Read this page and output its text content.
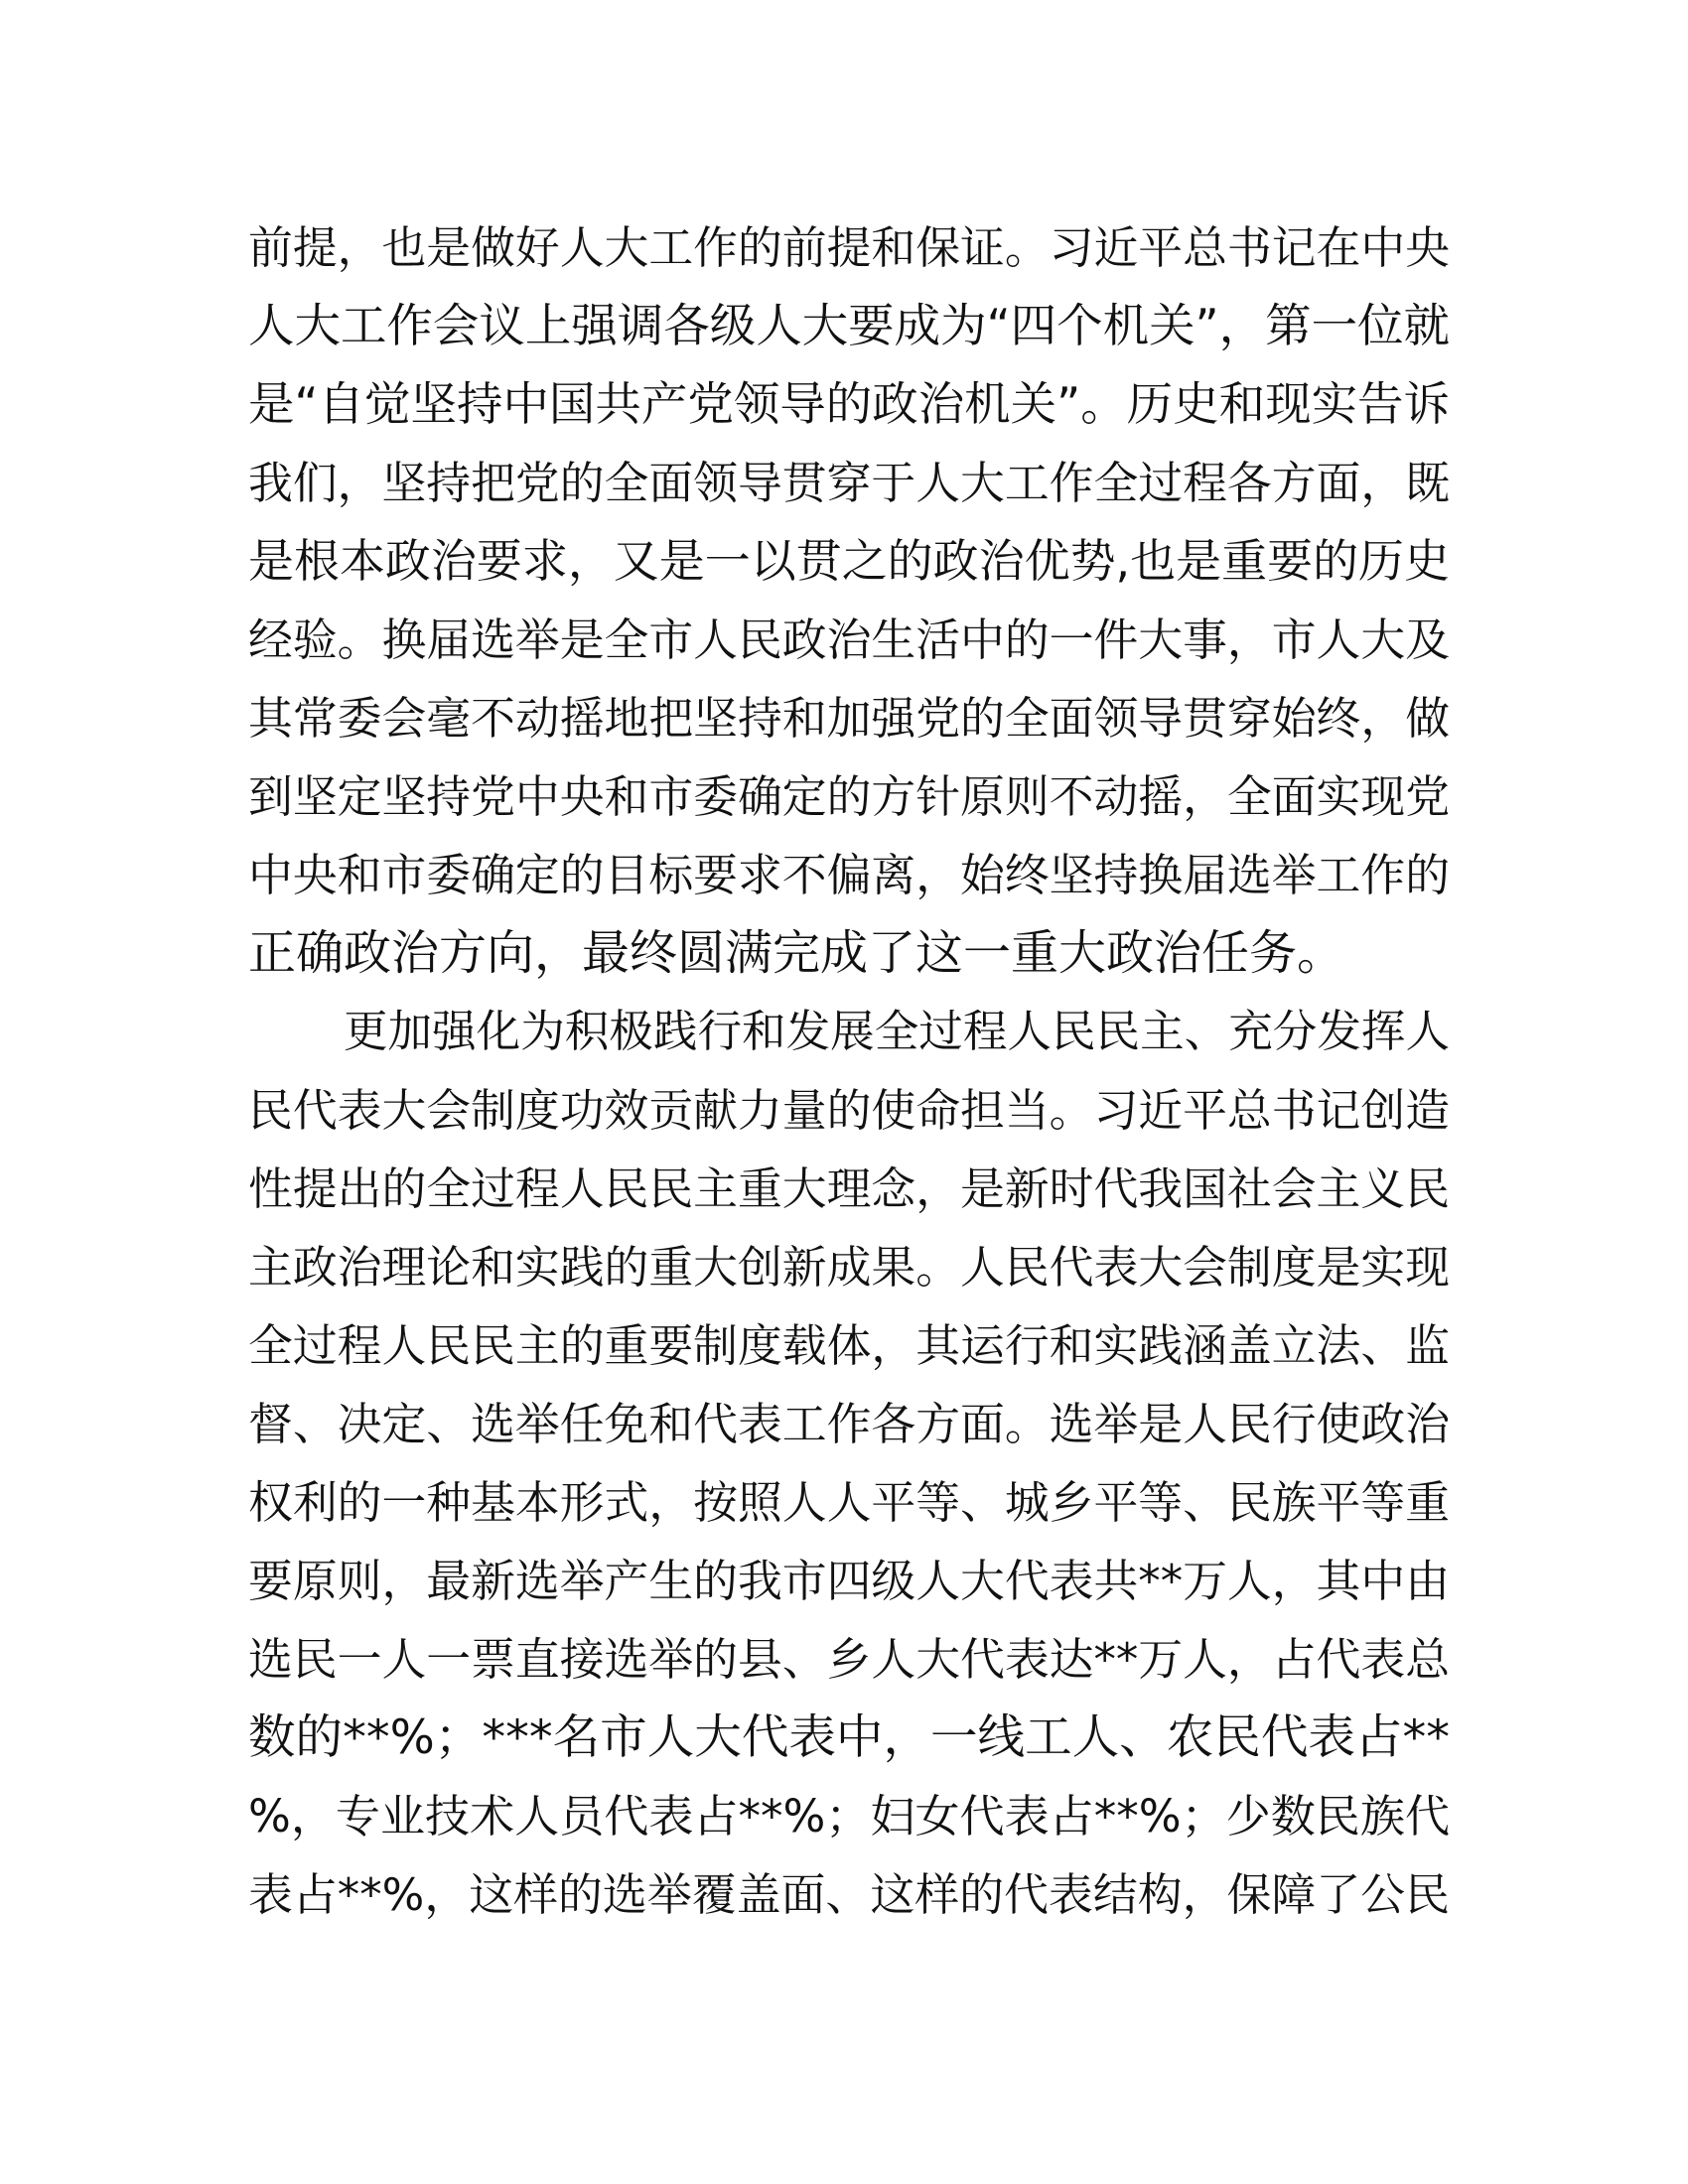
前提，也是做好人大工作的前提和保证。习近平总书记在中央
人大工作会议上强调各级人大要成为“四个机关”，第一位就
是“自觉坚持中国共产党领导的政治机关”。历史和现实告诉
我们，坚持把党的全面领导贯穿于人大工作全过程各方面，既
是根本政治要求，又是一以贯之的政治优势,也是重要的历史
经验。换届选举是全市人民政治生活中的一件大事，市人大及
其常委会毫不动摇地把坚持和加强党的全面领导贯穿始终，做
到坚定坚持党中央和市委确定的方针原则不动摇，全面实现党
中央和市委确定的目标要求不偏离，始终坚持换届选举工作的
正确政治方向，最终圆满完成了这一重大政治任务。
更加强化为积极践行和发展全过程人民民主、充分发挥人
民代表大会制度功效贡献力量的使命担当。习近平总书记创造
性提出的全过程人民民主重大理念，是新时代我国社会主义民
主政治理论和实践的重大创新成果。人民代表大会制度是实现
全过程人民民主的重要制度载体，其运行和实践涵盖立法、监
督、决定、选举任免和代表工作各方面。选举是人民行使政治
权利的一种基本形式，按照人人平等、城乡平等、民族平等重
要原则，最新选举产生的我市四级人大代表共**万人，其中由
选民一人一票直接选举的县、乡人大代表达**万人，占代表总
数的**%；***名市人大代表中，一线工人、农民代表占**
%，专业技术人员代表占**%；妇女代表占**%；少数民族代
表占**%，这样的选举覆盖面、这样的代表结构，保障了公民
